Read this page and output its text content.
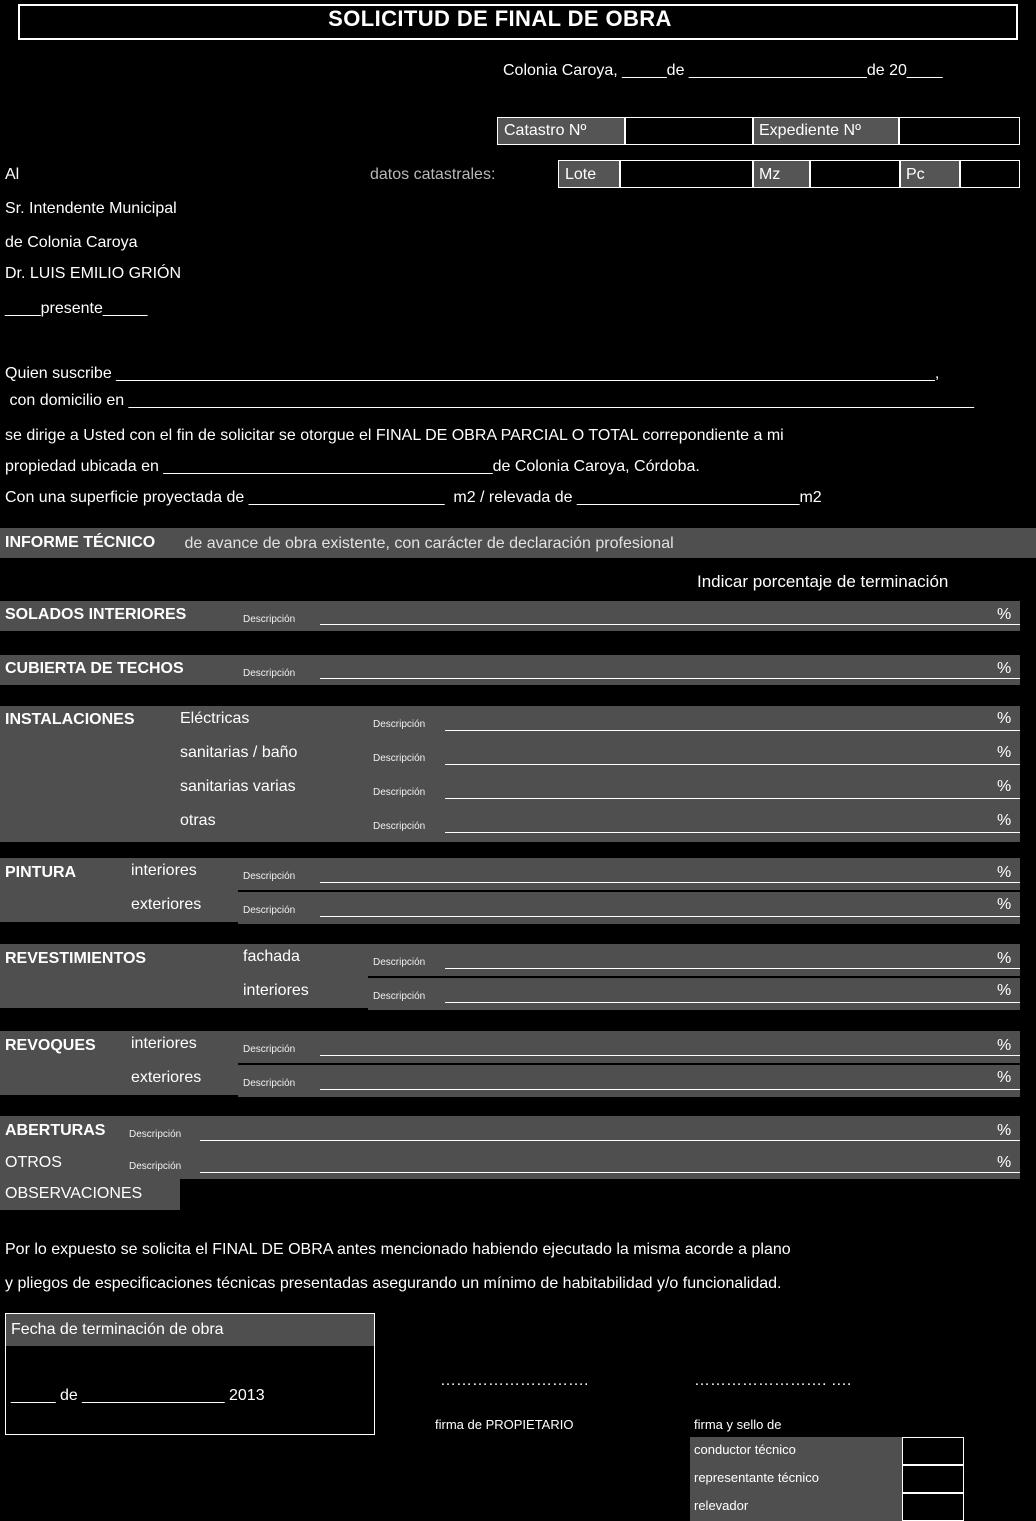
SOLICITUD DE FINAL DE OBRA
Colonia Caroya, _____de ____________________de 20____
Catastro Nº	Expediente Nº
datos catastrales:	Lote	Mz	Pc
Al
Sr. Intendente Municipal
de Colonia Caroya
Dr. LUIS EMILIO GRIÓN
____presente_____
Quien suscribe ____________________________________________________________________________________________,
con domicilio en _______________________________________________________________________________________________
se dirige a Usted con el fin de solicitar se otorgue el FINAL DE OBRA PARCIAL O TOTAL correpondiente a mi
propiedad ubicada en _____________________________________de Colonia Caroya, Córdoba.
Con una superficie proyectada de ______________________  m2 / relevada de _________________________m2
INFORME TÉCNICO de avance de obra existente, con carácter de declaración profesional
Indicar porcentaje de terminación
SOLADOS INTERIORES	Descripción	%
CUBIERTA DE TECHOS	Descripción	%
INSTALACIONES	Eléctricas	Descripción	%
sanitarias / baño	Descripción	%
sanitarias varias	Descripción	%
otras	Descripción	%
PINTURA	interiores	Descripción	%
exteriores	Descripción	%
REVESTIMIENTOS	fachada	Descripción	%
interiores	Descripción	%
REVOQUES interiores	Descripción	%
exteriores	Descripción	%
ABERTURAS Descripción	%
OTROS	Descripción	%
OBSERVACIONES
Por lo expuesto se solicita el FINAL DE OBRA antes mencionado habiendo ejecutado la misma acorde a plano
y pliegos de especificaciones técnicas presentadas asegurando un mínimo de habitabilidad y/o funcionalidad.
Fecha de terminación de obra
_____ de ________________ 2013
……………………….
firma de PROPIETARIO
……………………. ….
firma y sello de
conductor técnico
representante técnico
relevador
